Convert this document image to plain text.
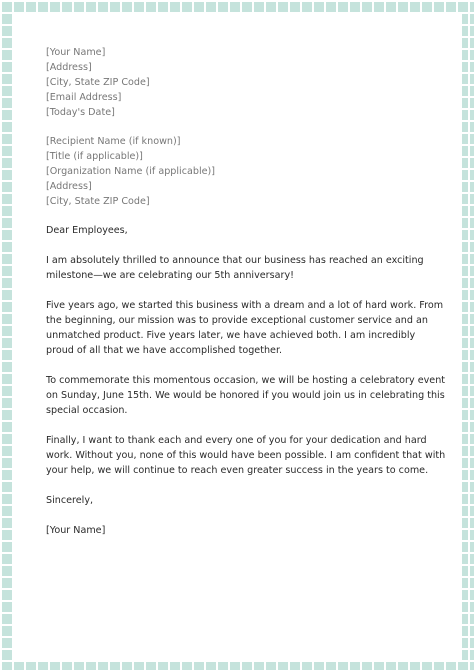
[Your Name]
[Address]
[City, State ZIP Code]
[Email Address]
[Today's Date]
[Recipient Name (if known)]
[Title (if applicable)]
[Organization Name (if applicable)]
[Address]
[City, State ZIP Code]

Dear Employees,

I am absolutely thrilled to announce that our business has reached an exciting milestone—we are celebrating our 5th anniversary!

Five years ago, we started this business with a dream and a lot of hard work. From the beginning, our mission was to provide exceptional customer service and an unmatched product. Five years later, we have achieved both. I am incredibly proud of all that we have accomplished together.

To commemorate this momentous occasion, we will be hosting a celebratory event on Sunday, June 15th. We would be honored if you would join us in celebrating this special occasion.

Finally, I want to thank each and every one of you for your dedication and hard work. Without you, none of this would have been possible. I am confident that with your help, we will continue to reach even greater success in the years to come.

Sincerely,

[Your Name]
